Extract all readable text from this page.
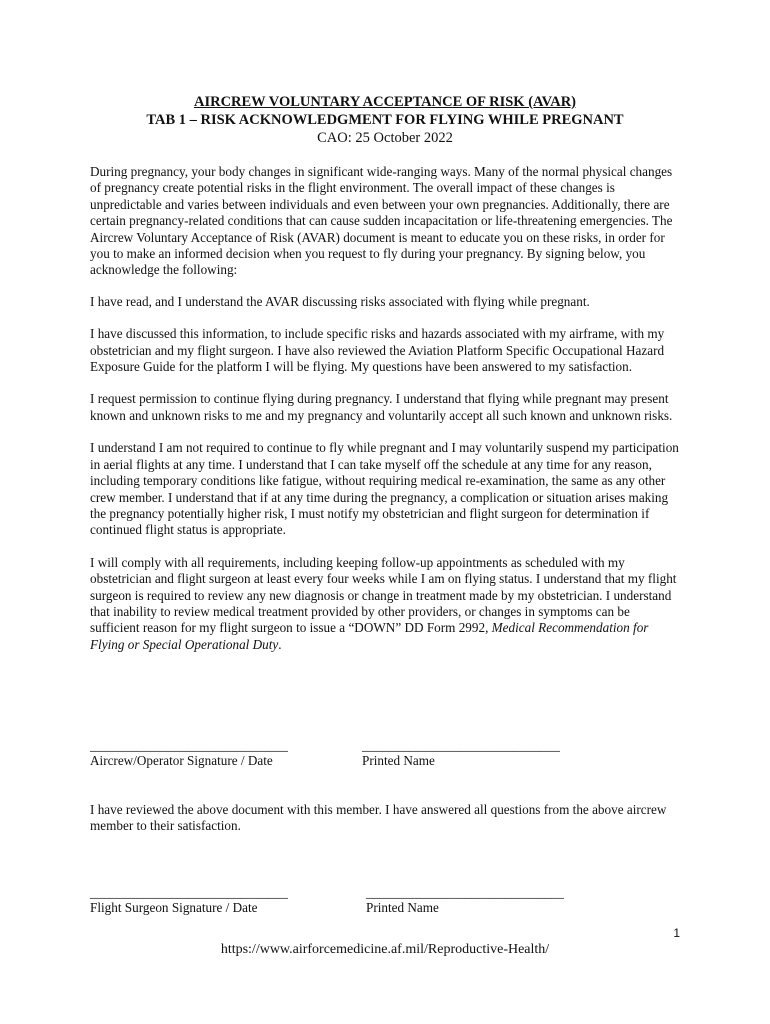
AIRCREW VOLUNTARY ACCEPTANCE OF RISK (AVAR)
TAB 1 – RISK ACKNOWLEDGMENT FOR FLYING WHILE PREGNANT
CAO: 25 October 2022

During pregnancy, your body changes in significant wide-ranging ways. Many of the normal physical changes of pregnancy create potential risks in the flight environment. The overall impact of these changes is unpredictable and varies between individuals and even between your own pregnancies. Additionally, there are certain pregnancy-related conditions that can cause sudden incapacitation or life-threatening emergencies. The Aircrew Voluntary Acceptance of Risk (AVAR) document is meant to educate you on these risks, in order for you to make an informed decision when you request to fly during your pregnancy. By signing below, you acknowledge the following:

I have read, and I understand the AVAR discussing risks associated with flying while pregnant.

I have discussed this information, to include specific risks and hazards associated with my airframe, with my obstetrician and my flight surgeon. I have also reviewed the Aviation Platform Specific Occupational Hazard Exposure Guide for the platform I will be flying. My questions have been answered to my satisfaction.

I request permission to continue flying during pregnancy. I understand that flying while pregnant may present known and unknown risks to me and my pregnancy and voluntarily accept all such known and unknown risks.

I understand I am not required to continue to fly while pregnant and I may voluntarily suspend my participation in aerial flights at any time. I understand that I can take myself off the schedule at any time for any reason, including temporary conditions like fatigue, without requiring medical re-examination, the same as any other crew member. I understand that if at any time during the pregnancy, a complication or situation arises making the pregnancy potentially higher risk, I must notify my obstetrician and flight surgeon for determination if continued flight status is appropriate.

I will comply with all requirements, including keeping follow-up appointments as scheduled with my obstetrician and flight surgeon at least every four weeks while I am on flying status. I understand that my flight surgeon is required to review any new diagnosis or change in treatment made by my obstetrician. I understand that inability to review medical treatment provided by other providers, or changes in symptoms can be sufficient reason for my flight surgeon to issue a “DOWN” DD Form 2992, Medical Recommendation for Flying or Special Operational Duty.

______________________________
Aircrew/Operator Signature / Date
______________________________
Printed Name
I have reviewed the above document with this member. I have answered all questions from the above aircrew member to their satisfaction.
______________________________
Flight Surgeon Signature / Date
______________________________
Printed Name
1
https://www.airforcemedicine.af.mil/Reproductive-Health/
